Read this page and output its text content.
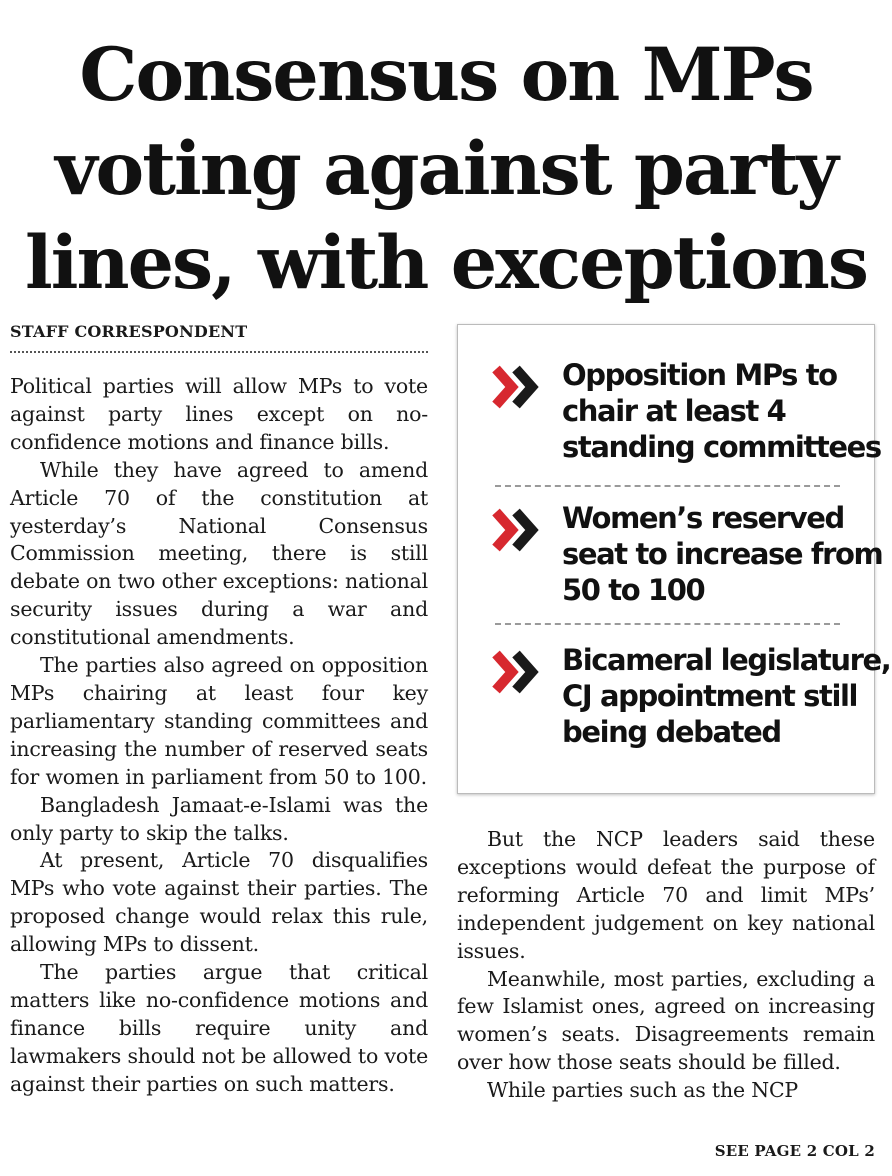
Consensus on MPs
voting against party
lines, with exceptions
STAFF CORRESPONDENT

Political parties will allow MPs to vote against party lines except on no-confidence motions and finance bills.

While they have agreed to amend Article 70 of the constitution at yesterday’s National Consensus Commission meeting, there is still debate on two other exceptions: national security issues during a war and constitutional amendments.

The parties also agreed on opposition MPs chairing at least four key parliamentary standing committees and increasing the number of reserved seats for women in parliament from 50 to 100.

Bangladesh Jamaat-e-Islami was the only party to skip the talks.

At present, Article 70 disqualifies MPs who vote against their parties. The proposed change would relax this rule, allowing MPs to dissent.

The parties argue that critical matters like no-confidence motions and finance bills require unity and lawmakers should not be allowed to vote against their parties on such matters.

Opposition MPs to
chair at least 4
standing committees
Women’s reserved
seat to increase from
50 to 100
Bicameral legislature,
CJ appointment still
being debated

But the NCP leaders said these exceptions would defeat the purpose of reforming Article 70 and limit MPs’ independent judgement on key national issues.

Meanwhile, most parties, excluding a few Islamist ones, agreed on increasing women’s seats. Disagreements remain over how those seats should be filled.

While parties such as the NCP

SEE PAGE 2 COL 2
